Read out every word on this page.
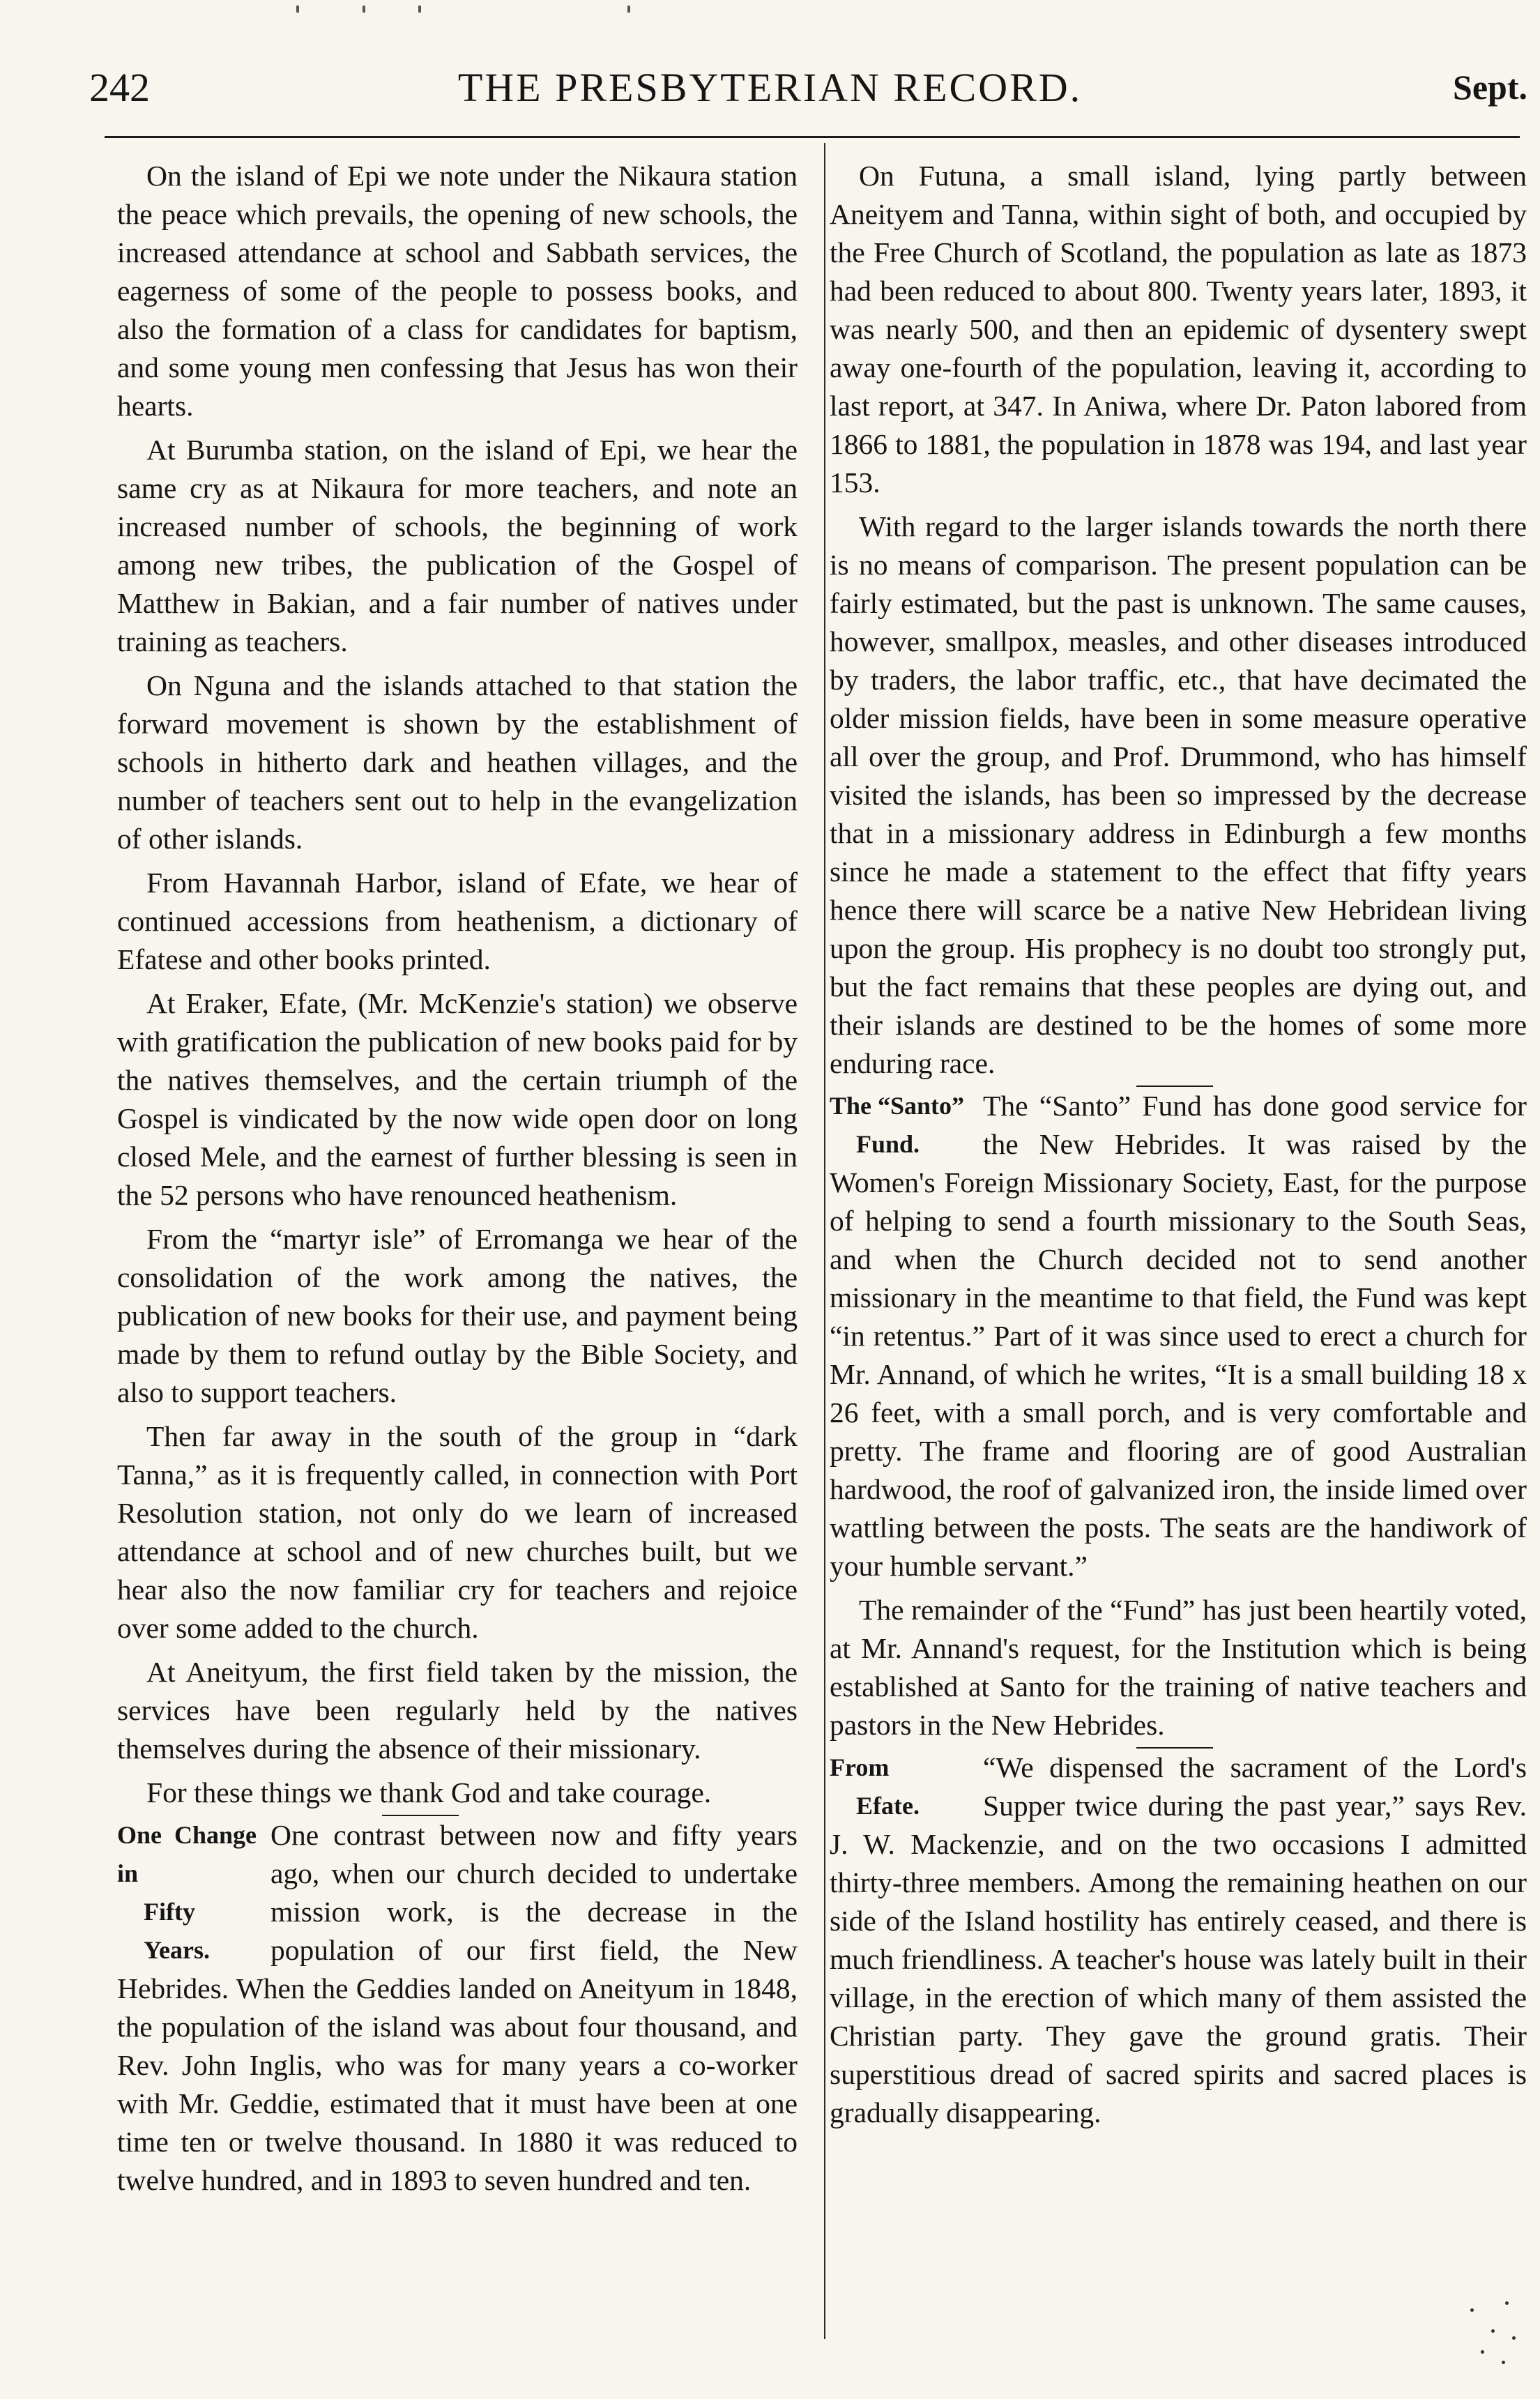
242	THE PRESBYTERIAN RECORD.	Sept.

On the island of Epi we note under the Nikaura station the peace which prevails, the opening of new schools, the increased attendance at school and Sabbath services, the eagerness of some of the people to possess books, and also the formation of a class for candidates for baptism, and some young men confessing that Jesus has won their hearts.

At Burumba station, on the island of Epi, we hear the same cry as at Nikaura for more teachers, and note an increased number of schools, the beginning of work among new tribes, the publication of the Gospel of Matthew in Bakian, and a fair number of natives under training as teachers.

On Nguna and the islands attached to that station the forward movement is shown by the establishment of schools in hitherto dark and heathen villages, and the number of teachers sent out to help in the evangelization of other islands.

From Havannah Harbor, island of Efate, we hear of continued accessions from heathenism, a dictionary of Efatese and other books printed.

At Eraker, Efate, (Mr. McKenzie's station) we observe with gratification the publication of new books paid for by the natives themselves, and the certain triumph of the Gospel is vindicated by the now wide open door on long closed Mele, and the earnest of further blessing is seen in the 52 persons who have renounced heathenism.

From the “martyr isle” of Erromanga we hear of the consolidation of the work among the natives, the publication of new books for their use, and payment being made by them to refund outlay by the Bible Society, and also to support teachers.

Then far away in the south of the group in “dark Tanna,” as it is frequently called, in connection with Port Resolution station, not only do we learn of increased attendance at school and of new churches built, but we hear also the now familiar cry for teachers and rejoice over some added to the church.

At Aneityum, the first field taken by the mission, the services have been regularly held by the natives themselves during the absence of their missionary.

For these things we thank God and take courage.

One Change in
Fifty Years.
One contrast between now and fifty years ago, when our church decided to undertake mission work, is the decrease in the population of our first field, the New Hebrides. When the Geddies landed on Aneityum in 1848, the population of the island was about four thousand, and Rev. John Inglis, who was for many years a co-worker with Mr. Geddie, estimated that it must have been at one time ten or twelve thousand. In 1880 it was reduced to twelve hundred, and in 1893 to seven hundred and ten.

On Futuna, a small island, lying partly between Aneityem and Tanna, within sight of both, and occupied by the Free Church of Scotland, the population as late as 1873 had been reduced to about 800. Twenty years later, 1893, it was nearly 500, and then an epidemic of dysentery swept away one-fourth of the population, leaving it, according to last report, at 347. In Aniwa, where Dr. Paton labored from 1866 to 1881, the population in 1878 was 194, and last year 153.

With regard to the larger islands towards the north there is no means of comparison. The present population can be fairly estimated, but the past is unknown. The same causes, however, smallpox, measles, and other diseases introduced by traders, the labor traffic, etc., that have decimated the older mission fields, have been in some measure operative all over the group, and Prof. Drummond, who has himself visited the islands, has been so impressed by the decrease that in a missionary address in Edinburgh a few months since he made a statement to the effect that fifty years hence there will scarce be a native New Hebridean living upon the group. His prophecy is no doubt too strongly put, but the fact remains that these peoples are dying out, and their islands are destined to be the homes of some more enduring race.

The “Santo”
Fund.
The “Santo” Fund has done good service for the New Hebrides. It was raised by the Women's Foreign Missionary Society, East, for the purpose of helping to send a fourth missionary to the South Seas, and when the Church decided not to send another missionary in the meantime to that field, the Fund was kept “in retentus.” Part of it was since used to erect a church for Mr. Annand, of which he writes, “It is a small building 18 x 26 feet, with a small porch, and is very comfortable and pretty. The frame and flooring are of good Australian hardwood, the roof of galvanized iron, the inside limed over wattling between the posts. The seats are the handiwork of your humble servant.”

The remainder of the “Fund” has just been heartily voted, at Mr. Annand's request, for the Institution which is being established at Santo for the training of native teachers and pastors in the New Hebrides.

From
Efate.
“We dispensed the sacrament of the Lord's Supper twice during the past year,” says Rev. J. W. Mackenzie, and on the two occasions I admitted thirty-three members. Among the remaining heathen on our side of the Island hostility has entirely ceased, and there is much friendliness. A teacher's house was lately built in their village, in the erection of which many of them assisted the Christian party. They gave the ground gratis. Their superstitious dread of sacred spirits and sacred places is gradually disappearing.
